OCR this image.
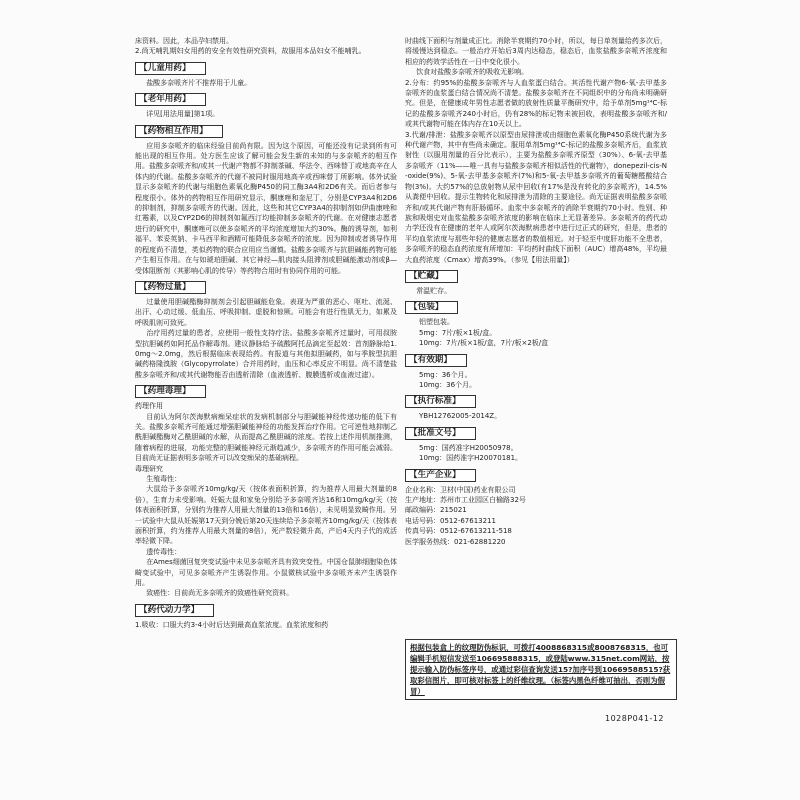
床资料。因此，本品孕妇禁用。

2.尚无哺乳期妇女用药的安全有效性研究资料，故服用本品妇女不能哺乳。

【儿童用药】

盐酸多奈哌齐片不推荐用于儿童。

【老年用药】

详见[用法用量]第1项。

【药物相互作用】

应用多奈哌齐的临床经验目前尚有限。因为这个原因，可能还没有记录到所有可能出现的相互作用。处方医生应该了解可能会发生新的未知的与多奈哌齐的相互作用。盐酸多奈哌齐和/或其一代谢产物都不抑制茶碱、华法令、西咪替丁或地高辛在人体内的代谢。盐酸多奈哌齐的代谢不被同时服用地高辛或西咪替丁所影响。体外试验显示多奈哌齐的代谢与细胞色素氧化酶P450的同工酶3A4和2D6有关。而后者参与程度很小。体外的药物相互作用研究显示，酮康唑和奎尼丁，分别是CYP3A4和2D6的抑制剂，抑制多奈哌齐的代谢。因此，这些和其它CYP3A4的抑制剂如伊曲康唑和红霉素，以及CYP2D6的抑制剂如氟西汀均能抑制多奈哌齐的代谢。在对健康志愿者进行的研究中，酮康唑可以使多奈哌齐的平均浓度增加大约30%。酶的诱导剂，如利福平、苯妥英钠、卡马西平和酒精可能降低多奈哌齐的浓度。因为抑制或者诱导作用的程度尚不清楚，类似药物的联合应用应当谨慎。盐酸多奈哌齐与抗胆碱能药物可能产生相互作用。在与如琥珀胆碱、其它神经—肌肉接头阻滞剂或胆碱能激动剂或β—受体阻断剂（其影响心肌的传导）等药物合用时有协同作用的可能。

【药物过量】

过量使用胆碱酯酶抑制剂会引起胆碱能危象。表现为严重的恶心、呕吐、流涎、出汗、心动过缓、低血压、呼吸抑制、虚脱和惊厥。可能会有进行性肌无力，如累及呼吸肌则可致死。

治疗用药过量的患者，应使用一般性支持疗法。盐酸多奈哌齐过量时，可用叔胺型抗胆碱药如阿托品作解毒剂。建议静脉给予硫酸阿托品滴定至起效：首剂静脉给1.0mg～2.0mg，然后根据临床表现给药。有报道与其他拟胆碱药，如与季胺型抗胆碱药格隆溴胺（Glycopyrrolate）合并用药时，血压和心率反应不明显。尚不清楚盐酸多奈哌齐和/或其代谢物能否由透析清除（血液透析、腹膜透析或血液过滤）。

【药理毒理】

药理作用

目前认为阿尔茨海默病痴呆症状的发病机制部分与胆碱能神经传递功能的低下有关。盐酸多奈哌齐可能通过增强胆碱能神经的功能发挥治疗作用。它可逆性地抑制乙酰胆碱酯酶对乙酰胆碱的水解，从而提高乙酰胆碱的浓度。若按上述作用机制推测，随着病程的进展，功能完整的胆碱能神经元渐趋减少，多奈哌齐的作用可能会减弱。目前尚无证据表明多奈哌齐可以改变痴呆的基础病程。

毒理研究

生殖毒性：

大鼠给予多奈哌齐10mg/kg/天（按体表面积折算，约为推荐人用最大剂量的8倍），生育力未受影响。妊娠大鼠和家兔分别给予多奈哌齐达16和10mg/kg/天（按体表面积折算，分别约为推荐人用最大剂量的13倍和16倍），未见明显致畸作用。另一试验中大鼠从妊娠第17天到分娩后第20天连续给予多奈哌齐10mg/kg/天（按体表面积折算，约为推荐人用最大剂量的8倍），死产数轻微升高，产后4天内子代的成活率轻微下降。

遗传毒性：

在Ames细菌回复突变试验中未见多奈哌齐具有致突变性。中国仓鼠肺细胞染色体畸变试验中，可见多奈哌齐产生诱裂作用。小鼠微核试验中多奈哌齐未产生诱裂作用。

致癌性：目前尚无多奈哌齐的致癌性研究资料。

【药代动力学】

1.吸收：口服大约3-4小时后达到最高血浆浓度。血浆浓度和药

时曲线下面积与剂量成正比。消除半衰期约70小时，所以，每日单剂量给药多次后，将缓慢达到稳态。一般治疗开始后3周内达稳态，稳态后，血浆盐酸多奈哌齐浓度和相应的药效学活性在一日中变化很小。

饮食对盐酸多奈哌齐的吸收无影响。

2.分布：约95%的盐酸多奈哌齐与人血浆蛋白结合。其活性代谢产物6-氧-去甲基多奈哌齐的血浆蛋白结合情况尚不清楚。盐酸多奈哌齐在不同组织中的分布尚未明确研究。但是，在健康成年男性志愿者做的放射性质量平衡研究中，给予单剂5mg¹⁴C-标记的盐酸多奈哌齐240小时后，仍有28%的标记物未被回收，表明盐酸多奈哌齐和/或其代谢物可能在体内存在10天以上。

3.代谢/排泄：盐酸多奈哌齐以原型由尿排泄或由细胞色素氧化酶P450系统代谢为多种代谢产物，其中有些尚未确定。服用单剂5mg¹⁴C-标记的盐酸多奈哌齐后，血浆放射性（以服用剂量的百分比表示），主要为盐酸多奈哌齐原型（30%）、6-氧-去甲基多奈哌齐（11%——唯一具有与盐酸多奈哌齐相似活性的代谢物），donepezil-cis-N-oxide(9%)、5-氧-去甲基多奈哌齐(7%)和5-氧-去甲基多奈哌齐的葡萄糖醛酸结合物(3%)。大约57%的总放射物从尿中回收(有17%是没有转化的多奈哌齐)，14.5%从粪便中回收。提示生物转化和尿排泄为清除的主要途径。尚无证据表明盐酸多奈哌齐和/或其代谢产物有肝肠循环。血浆中多奈哌齐的消除半衰期约70小时。性别、种族和吸烟史对血浆盐酸多奈哌齐浓度的影响在临床上无显著差异。多奈哌齐的药代动力学还没有在健康的老年人或阿尔茨海默病患者中进行过正式的研究，但是，患者的平均血浆浓度与那些年轻的健康志愿者的数值相近。对于轻至中度肝功能不全患者，多奈哌齐的稳态血药浓度有所增加：平均药时曲线下面积（AUC）增高48%，平均最大血药浓度（Cmax）增高39%。（参见【用法用量】）

【贮藏】

常温贮存。

【包装】

铝塑包装。

5mg：7片/板×1板/盒。

10mg：7片/板×1板/盒，7片/板×2板/盒

【有效期】

5mg：36个月。

10mg：36个月。

【执行标准】

YBH12762005-2014Z。

【批准文号】

5mg：国药准字H20050978。

10mg：国药准字H20070181。

【生产企业】

企业名称：卫材(中国)药业有限公司

生产地址：苏州市工业园区白榆路32号

邮政编码：215021

电话号码：0512-67613211

传真号码：0512-67613211-518

医学服务热线：021-62881220

根据包装盒上的纹理防伪标识，可拨打4008868315或8008768315，也可编辑手机短信发送至106695888315，或登陆www.315net.com网站，按提示输入防伪标签序号，或通过彩信查询发送15?加序号到10669588515?获取彩信图片，即可核对标签上的纤维纹理。（标签内黑色纤维可抽出，否则为假冒）
1028P041-12
